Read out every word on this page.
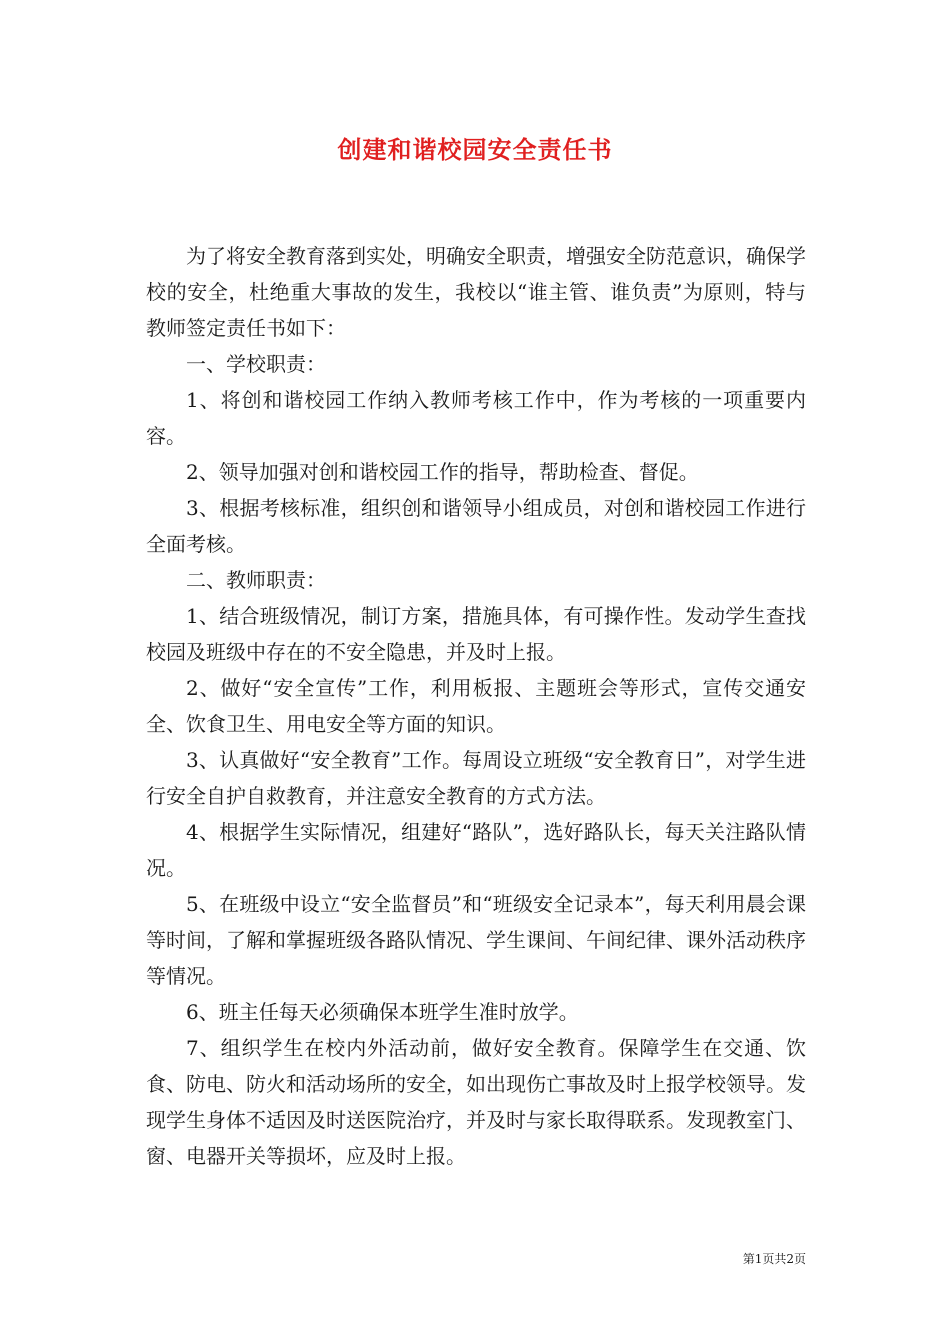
创建和谐校园安全责任书

为了将安全教育落到实处，明确安全职责，增强安全防范意识，确保学校的安全，杜绝重大事故的发生，我校以“谁主管、谁负责”为原则，特与教师签定责任书如下：

一、学校职责：

1、将创和谐校园工作纳入教师考核工作中，作为考核的一项重要内容。

2、领导加强对创和谐校园工作的指导，帮助检查、督促。

3、根据考核标准，组织创和谐领导小组成员，对创和谐校园工作进行全面考核。

二、教师职责：

1、结合班级情况，制订方案，措施具体，有可操作性。发动学生查找校园及班级中存在的不安全隐患，并及时上报。

2、做好“安全宣传”工作，利用板报、主题班会等形式，宣传交通安全、饮食卫生、用电安全等方面的知识。

3、认真做好“安全教育”工作。每周设立班级“安全教育日”，对学生进行安全自护自救教育，并注意安全教育的方式方法。

4、根据学生实际情况，组建好“路队”，选好路队长，每天关注路队情况。

5、在班级中设立“安全监督员”和“班级安全记录本”，每天利用晨会课等时间，了解和掌握班级各路队情况、学生课间、午间纪律、课外活动秩序等情况。

6、班主任每天必须确保本班学生准时放学。

7、组织学生在校内外活动前，做好安全教育。保障学生在交通、饮食、防电、防火和活动场所的安全，如出现伤亡事故及时上报学校领导。发现学生身体不适因及时送医院治疗，并及时与家长取得联系。发现教室门、窗、电器开关等损坏，应及时上报。

第1页共2页
